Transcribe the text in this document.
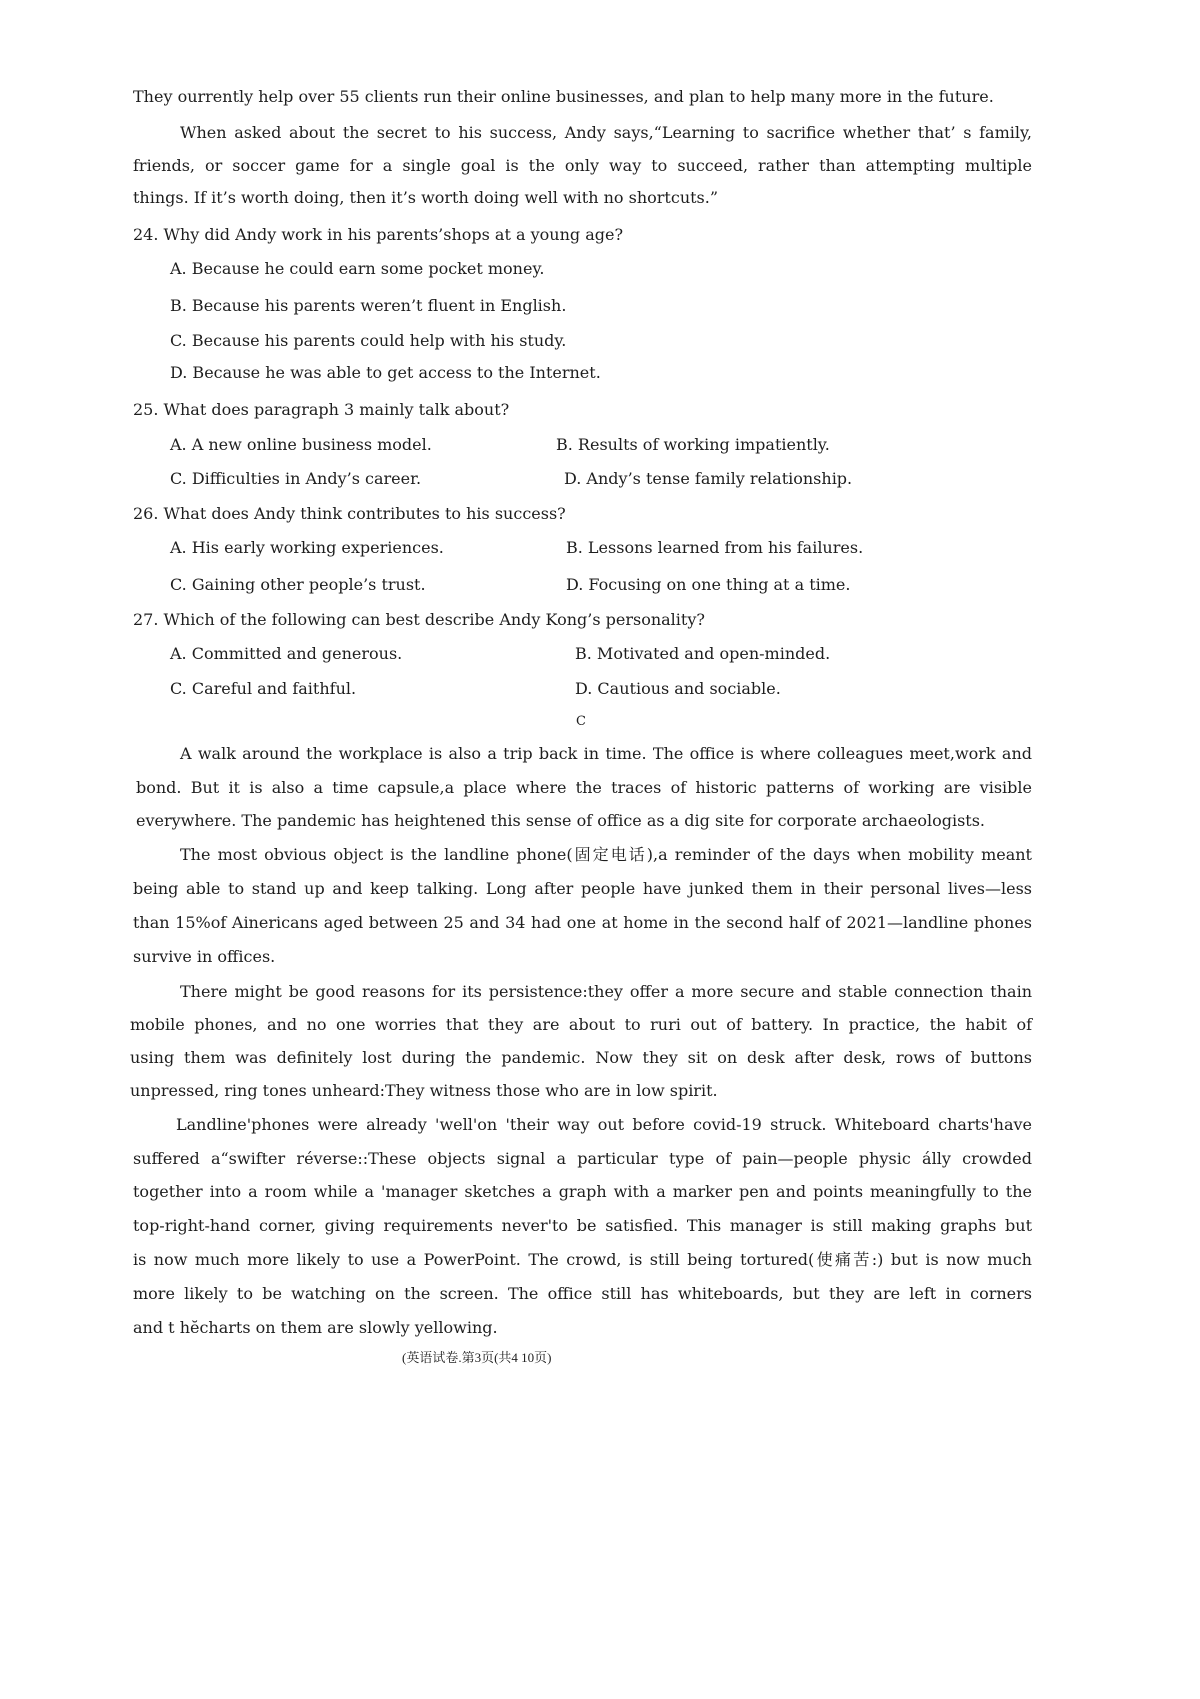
They ourrently help over 55 clients run their online businesses, and plan to help many more in the future.
When asked about the secret to his success, Andy says,“Learning to sacrifice whether that’ s family,
friends, or soccer game for a single goal is the only way to succeed, rather than attempting multiple
things. If it’s worth doing, then it’s worth doing well with no shortcuts.”
24. Why did Andy work in his parents’shops at a young age?
A. Because he could earn some pocket money.
B. Because his parents weren’t fluent in English.
C. Because his parents could help with his study.
D. Because he was able to get access to the Internet.
25. What does paragraph 3 mainly talk about?
A. A new online business model.	B. Results of working impatiently.
C. Difficulties in Andy’s career.	D. Andy’s tense family relationship.
26. What does Andy think contributes to his success?
A. His early working experiences.	B. Lessons learned from his failures.
C. Gaining other people’s trust.	D. Focusing on one thing at a time.
27. Which of the following can best describe Andy Kong’s personality?
A. Committed and generous.	B. Motivated and open-minded.
C. Careful and faithful.	D. Cautious and sociable.
C
A walk around the workplace is also a trip back in time. The office is where colleagues meet,work and
bond. But it is also a time capsule,a place where the traces of historic patterns of working are visible
everywhere. The pandemic has heightened this sense of office as a dig site for corporate archaeologists.
The most obvious object is the landline phone(固定电话),a reminder of the days when mobility meant
being able to stand up and keep talking. Long after people have junked them in their personal lives—less
than 15%of Ainericans aged between 25 and 34 had one at home in the second half of 2021—landline phones
survive in offices.
There might be good reasons for its persistence:they offer a more secure and stable connection thain
mobile phones, and no one worries that they are about to ruri out of battery. In practice, the habit of
using them was definitely lost during the pandemic. Now they sit on desk after desk, rows of buttons
unpressed, ring tones unheard:They witness those who are in low spirit.
Landline'phones were already 'well'on 'their way out before covid-19 struck. Whiteboard charts'have
suffered a“swifter réverse::These objects signal a particular type of pain—people physic álly crowded
together into a room while a 'manager sketches a graph with a marker pen and points meaningfully to the
top-right-hand corner, giving requirements never'to be satisfied. This manager is still making graphs but
is now much more likely to use a PowerPoint. The crowd, is still being tortured(使痛苦:) but is now much
more likely to be watching on the screen. The office still has whiteboards, but they are left in corners
and t hĕcharts on them are slowly yellowing.
(英语试卷.第3页(共4 10页)
